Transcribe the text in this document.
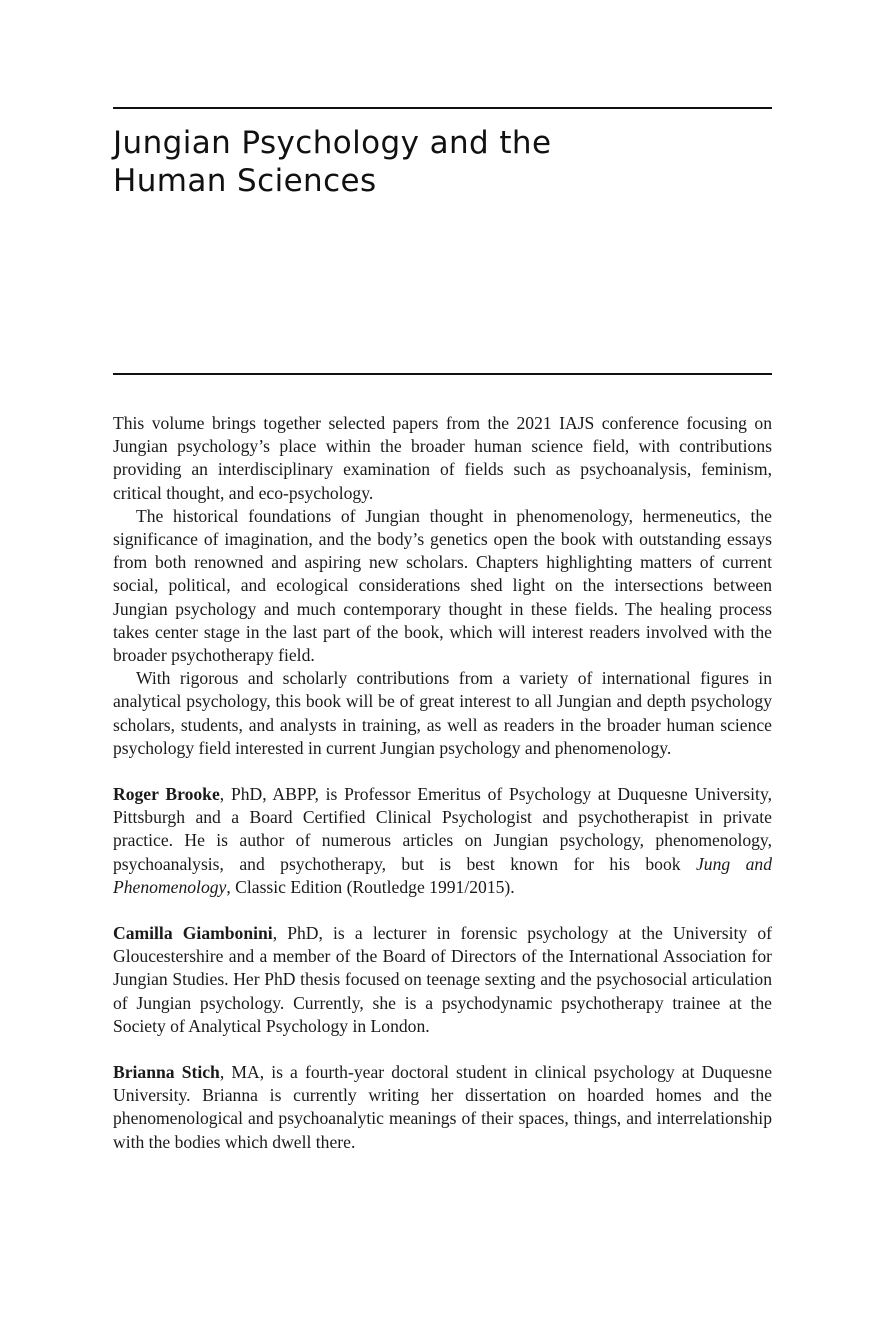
Jungian Psychology and the
Human Sciences

This volume brings together selected papers from the 2021 IAJS conference focusing on Jungian psychology’s place within the broader human science field, with contributions providing an interdisciplinary examination of fields such as psychoanalysis, feminism, critical thought, and eco-psychology.

The historical foundations of Jungian thought in phenomenology, hermeneutics, the significance of imagination, and the body’s genetics open the book with outstanding essays from both renowned and aspiring new scholars. Chapters highlighting matters of current social, political, and ecological considerations shed light on the intersections between Jungian psychology and much contemporary thought in these fields. The healing process takes center stage in the last part of the book, which will interest readers involved with the broader psychotherapy field.

With rigorous and scholarly contributions from a variety of international figures in analytical psychology, this book will be of great interest to all Jungian and depth psychology scholars, students, and analysts in training, as well as readers in the broader human science psychology field interested in current Jungian psychology and phenomenology.

Roger Brooke, PhD, ABPP, is Professor Emeritus of Psychology at Duquesne University, Pittsburgh and a Board Certified Clinical Psychologist and psychotherapist in private practice. He is author of numerous articles on Jungian psychology, phenomenology, psychoanalysis, and psychotherapy, but is best known for his book Jung and Phenomenology, Classic Edition (Routledge 1991/2015).

Camilla Giambonini, PhD, is a lecturer in forensic psychology at the University of Gloucestershire and a member of the Board of Directors of the International Association for Jungian Studies. Her PhD thesis focused on teenage sexting and the psychosocial articulation of Jungian psychology. Currently, she is a psychodynamic psychotherapy trainee at the Society of Analytical Psychology in London.

Brianna Stich, MA, is a fourth-year doctoral student in clinical psychology at Duquesne University. Brianna is currently writing her dissertation on hoarded homes and the phenomenological and psychoanalytic meanings of their spaces, things, and interrelationship with the bodies which dwell there.
